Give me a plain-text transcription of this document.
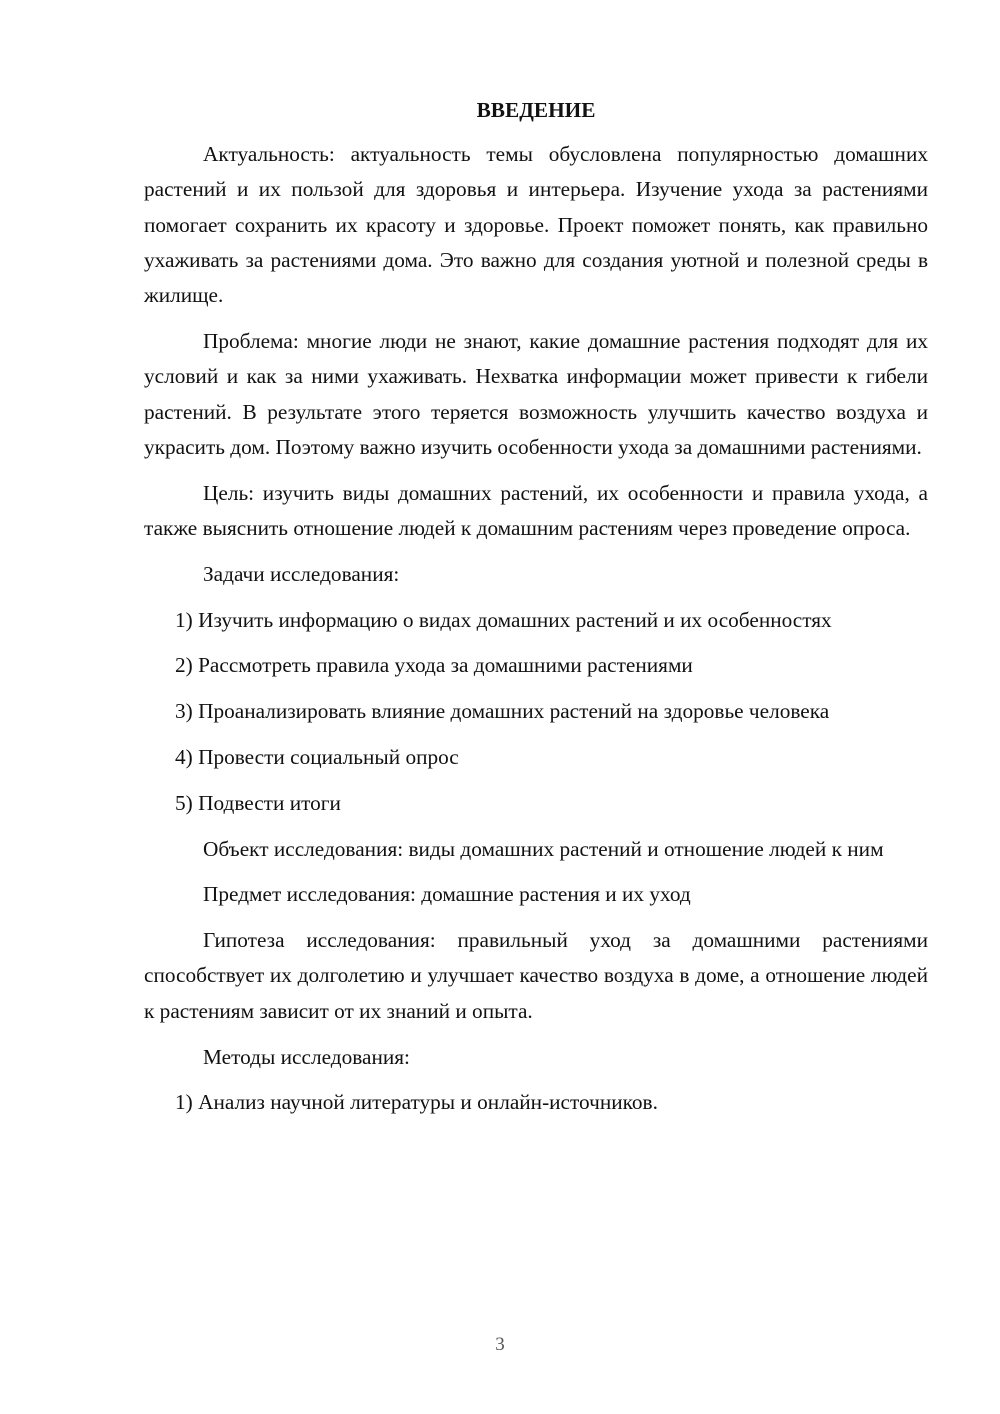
ВВЕДЕНИЕ

Актуальность: актуальность темы обусловлена популярностью домашних растений и их пользой для здоровья и интерьера. Изучение ухода за растениями помогает сохранить их красоту и здоровье. Проект поможет понять, как правильно ухаживать за растениями дома. Это важно для создания уютной и полезной среды в жилище.

Проблема: многие люди не знают, какие домашние растения подходят для их условий и как за ними ухаживать. Нехватка информации может привести к гибели растений. В результате этого теряется возможность улучшить качество воздуха и украсить дом. Поэтому важно изучить особенности ухода за домашними растениями.

Цель: изучить виды домашних растений, их особенности и правила ухода, а также выяснить отношение людей к домашним растениям через проведение опроса.

Задачи исследования:

1) Изучить информацию о видах домашних растений и их особенностях

2) Рассмотреть правила ухода за домашними растениями

3) Проанализировать влияние домашних растений на здоровье человека

4) Провести социальный опрос

5) Подвести итоги

Объект исследования: виды домашних растений и отношение людей к ним

Предмет исследования: домашние растения и их уход

Гипотеза исследования: правильный уход за домашними растениями способствует их долголетию и улучшает качество воздуха в доме, а отношение людей к растениям зависит от их знаний и опыта.

Методы исследования:

1) Анализ научной литературы и онлайн-источников.

3
